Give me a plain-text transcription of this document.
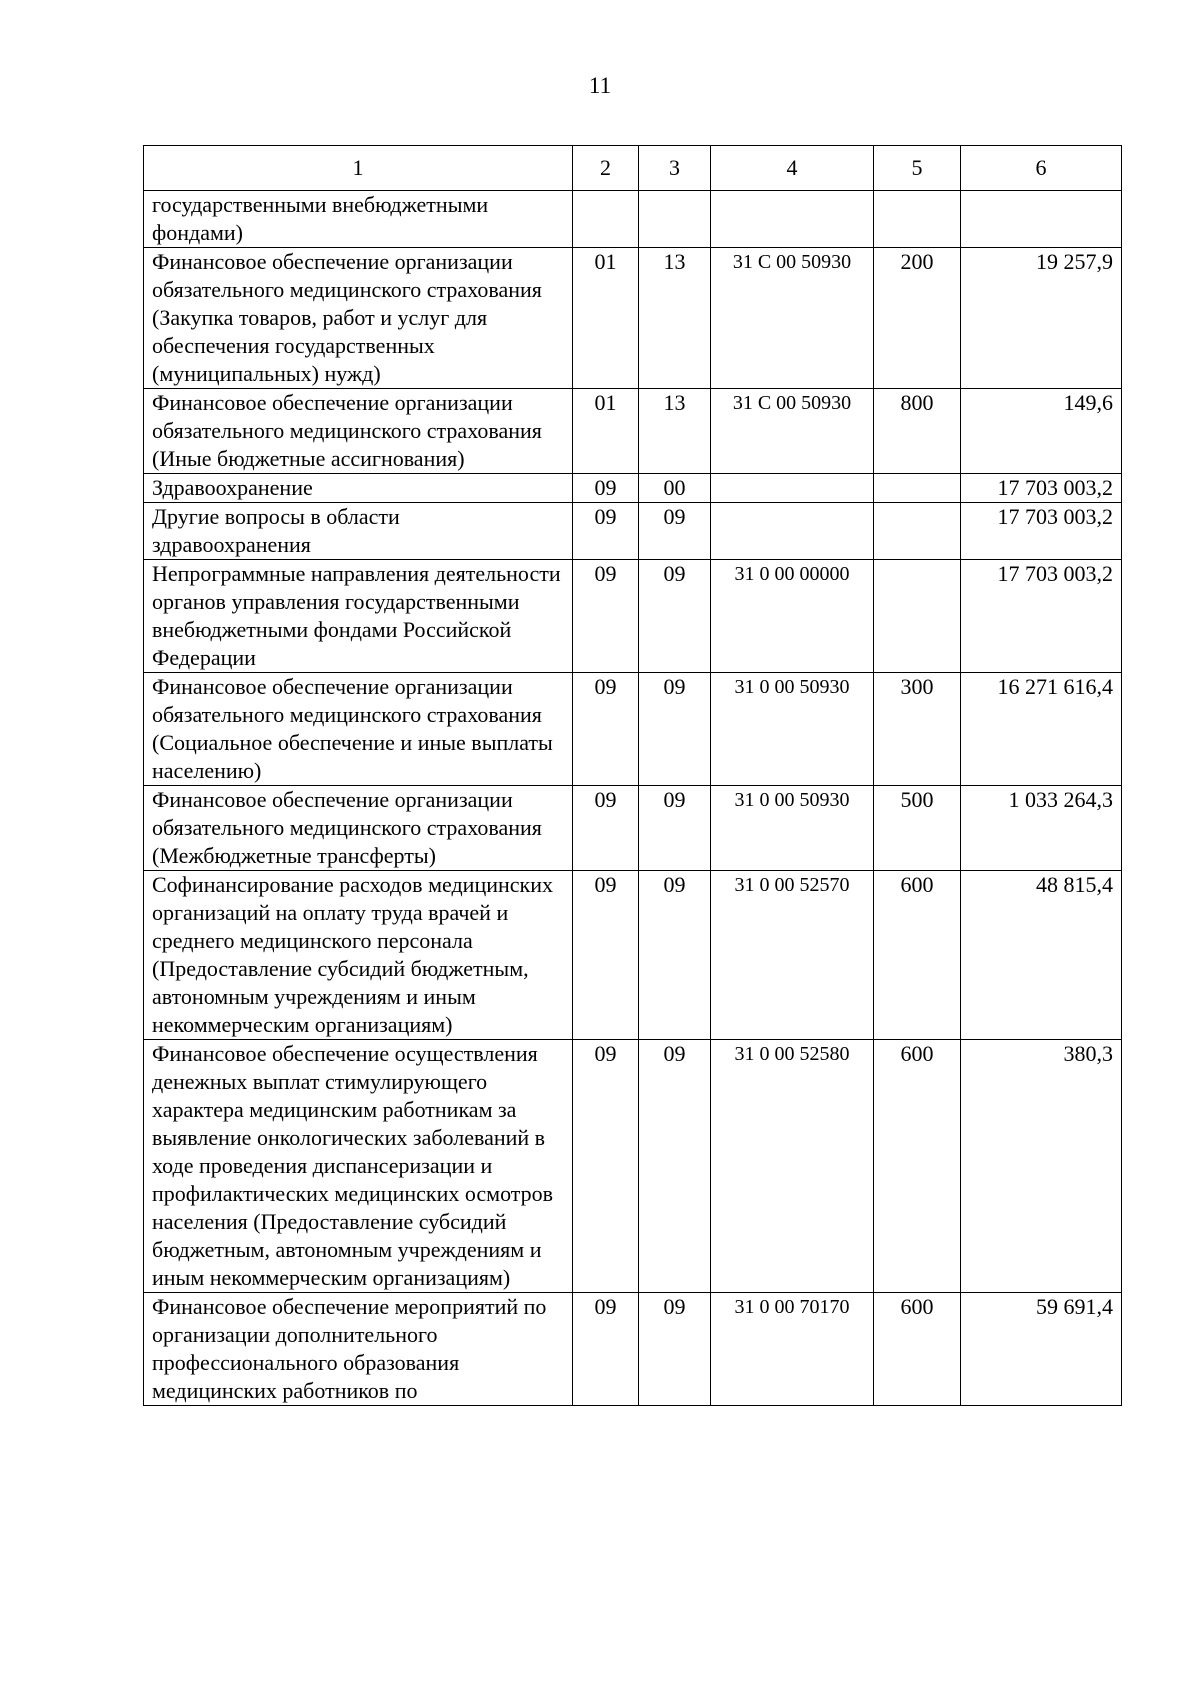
11
1	2	3	4	5	6
государственными внебюджетными фондами)					
Финансовое обеспечение организации обязательного медицинского страхования (Закупка товаров, работ и услуг для обеспечения государственных (муниципальных) нужд)	01	13	31 С 00 50930	200	19 257,9
Финансовое обеспечение организации обязательного медицинского страхования (Иные бюджетные ассигнования)	01	13	31 С 00 50930	800	149,6
Здравоохранение	09	00			17 703 003,2
Другие вопросы в области здравоохранения	09	09			17 703 003,2
Непрограммные направления деятельности органов управления государственными внебюджетными фондами Российской Федерации	09	09	31 0 00 00000		17 703 003,2
Финансовое обеспечение организации обязательного медицинского страхования (Социальное обеспечение и иные выплаты населению)	09	09	31 0 00 50930	300	16 271 616,4
Финансовое обеспечение организации обязательного медицинского страхования (Межбюджетные трансферты)	09	09	31 0 00 50930	500	1 033 264,3
Софинансирование расходов медицинских организаций на оплату труда врачей и среднего медицинского персонала (Предоставление субсидий бюджетным, автономным учреждениям и иным некоммерческим организациям)	09	09	31 0 00 52570	600	48 815,4
Финансовое обеспечение осуществления денежных выплат стимулирующего характера медицинским работникам за выявление онкологических заболеваний в ходе проведения диспансеризации и профилактических медицинских осмотров населения (Предоставление субсидий бюджетным, автономным учреждениям и иным некоммерческим организациям)	09	09	31 0 00 52580	600	380,3
Финансовое обеспечение мероприятий по организации дополнительного профессионального образования медицинских работников по	09	09	31 0 00 70170	600	59 691,4
